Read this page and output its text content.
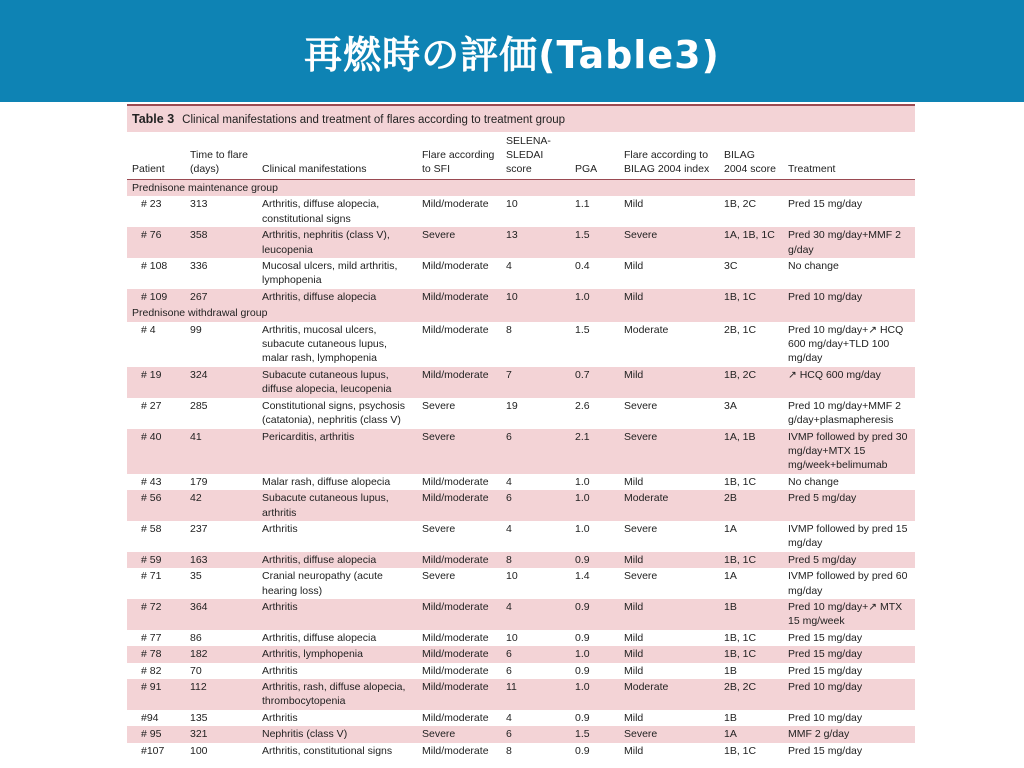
再燃時の評価(Table3)
Table 3 Clinical manifestations and treatment of flares according to treatment group
Patient	Time to flare (days)	Clinical manifestations	Flare according to SFI	SELENA-SLEDAI score	PGA	Flare according to BILAG 2004 index	BILAG 2004 score	Treatment
Prednisone maintenance group								
# 23	313	Arthritis, diffuse alopecia, constitutional signs	Mild/moderate	10	1.1	Mild	1B, 2C	Pred 15 mg/day
# 76	358	Arthritis, nephritis (class V), leucopenia	Severe	13	1.5	Severe	1A, 1B, 1C	Pred 30 mg/day+MMF 2 g/day
# 108	336	Mucosal ulcers, mild arthritis, lymphopenia	Mild/moderate	4	0.4	Mild	3C	No change
# 109	267	Arthritis, diffuse alopecia	Mild/moderate	10	1.0	Mild	1B, 1C	Pred 10 mg/day
Prednisone withdrawal group								
# 4	99	Arthritis, mucosal ulcers, subacute cutaneous lupus, malar rash, lymphopenia	Mild/moderate	8	1.5	Moderate	2B, 1C	Pred 10 mg/day+↗ HCQ 600 mg/day+TLD 100 mg/day
# 19	324	Subacute cutaneous lupus, diffuse alopecia, leucopenia	Mild/moderate	7	0.7	Mild	1B, 2C	↗ HCQ 600 mg/day
# 27	285	Constitutional signs, psychosis (catatonia), nephritis (class V)	Severe	19	2.6	Severe	3A	Pred 10 mg/day+MMF 2 g/day+plasmapheresis
# 40	41	Pericarditis, arthritis	Severe	6	2.1	Severe	1A, 1B	IVMP followed by pred 30 mg/day+MTX 15 mg/week+belimumab
# 43	179	Malar rash, diffuse alopecia	Mild/moderate	4	1.0	Mild	1B, 1C	No change
# 56	42	Subacute cutaneous lupus, arthritis	Mild/moderate	6	1.0	Moderate	2B	Pred 5 mg/day
# 58	237	Arthritis	Severe	4	1.0	Severe	1A	IVMP followed by pred 15 mg/day
# 59	163	Arthritis, diffuse alopecia	Mild/moderate	8	0.9	Mild	1B, 1C	Pred 5 mg/day
# 71	35	Cranial neuropathy (acute hearing loss)	Severe	10	1.4	Severe	1A	IVMP followed by pred 60 mg/day
# 72	364	Arthritis	Mild/moderate	4	0.9	Mild	1B	Pred 10 mg/day+↗ MTX 15 mg/week
# 77	86	Arthritis, diffuse alopecia	Mild/moderate	10	0.9	Mild	1B, 1C	Pred 15 mg/day
# 78	182	Arthritis, lymphopenia	Mild/moderate	6	1.0	Mild	1B, 1C	Pred 15 mg/day
# 82	70	Arthritis	Mild/moderate	6	0.9	Mild	1B	Pred 15 mg/day
# 91	112	Arthritis, rash, diffuse alopecia, thrombocytopenia	Mild/moderate	11	1.0	Moderate	2B, 2C	Pred 10 mg/day
#94	135	Arthritis	Mild/moderate	4	0.9	Mild	1B	Pred 10 mg/day
# 95	321	Nephritis (class V)	Severe	6	1.5	Severe	1A	MMF 2 g/day
#107	100	Arthritis, constitutional signs	Mild/moderate	8	0.9	Mild	1B, 1C	Pred 15 mg/day
